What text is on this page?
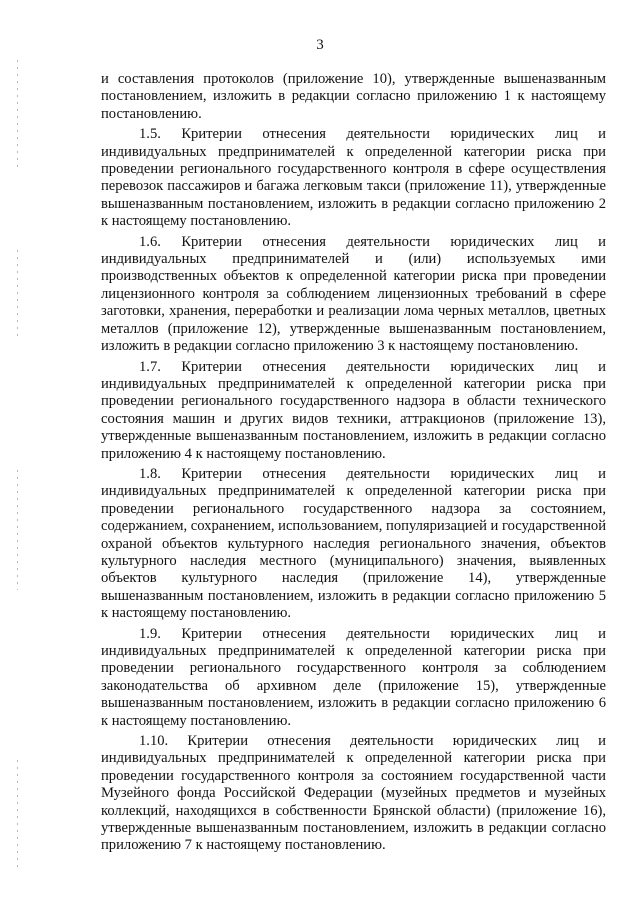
3

и составления протоколов (приложение 10), утвержденные вышеназванным постановлением, изложить в редакции согласно приложению 1 к настоящему постановлению.

1.5. Критерии отнесения деятельности юридических лиц и индивидуальных предпринимателей к определенной категории риска при проведении регионального государственного контроля в сфере осуществления перевозок пассажиров и багажа легковым такси (приложение 11), утвержденные вышеназванным постановлением, изложить в редакции согласно приложению 2 к настоящему постановлению.

1.6. Критерии отнесения деятельности юридических лиц и индивидуальных предпринимателей и (или) используемых ими производственных объектов к определенной категории риска при проведении лицензионного контроля за соблюдением лицензионных требований в сфере заготовки, хранения, переработки и реализации лома черных металлов, цветных металлов (приложение 12), утвержденные вышеназванным постановлением, изложить в редакции согласно приложению 3 к настоящему постановлению.

1.7. Критерии отнесения деятельности юридических лиц и индивидуальных предпринимателей к определенной категории риска при проведении регионального государственного надзора в области технического состояния машин и других видов техники, аттракционов (приложение 13), утвержденные вышеназванным постановлением, изложить в редакции согласно приложению 4 к настоящему постановлению.

1.8. Критерии отнесения деятельности юридических лиц и индивидуальных предпринимателей к определенной категории риска при проведении регионального государственного надзора за состоянием, содержанием, сохранением, использованием, популяризацией и государственной охраной объектов культурного наследия регионального значения, объектов культурного наследия местного (муниципального) значения, выявленных объектов культурного наследия (приложение 14), утвержденные вышеназванным постановлением, изложить в редакции согласно приложению 5 к настоящему постановлению.

1.9. Критерии отнесения деятельности юридических лиц и индивидуальных предпринимателей к определенной категории риска при проведении регионального государственного контроля за соблюдением законодательства об архивном деле (приложение 15), утвержденные вышеназванным постановлением, изложить в редакции согласно приложению 6 к настоящему постановлению.

1.10. Критерии отнесения деятельности юридических лиц и индивидуальных предпринимателей к определенной категории риска при проведении государственного контроля за состоянием государственной части Музейного фонда Российской Федерации (музейных предметов и музейных коллекций, находящихся в собственности Брянской области) (приложение 16), утвержденные вышеназванным постановлением, изложить в редакции согласно приложению 7 к настоящему постановлению.
